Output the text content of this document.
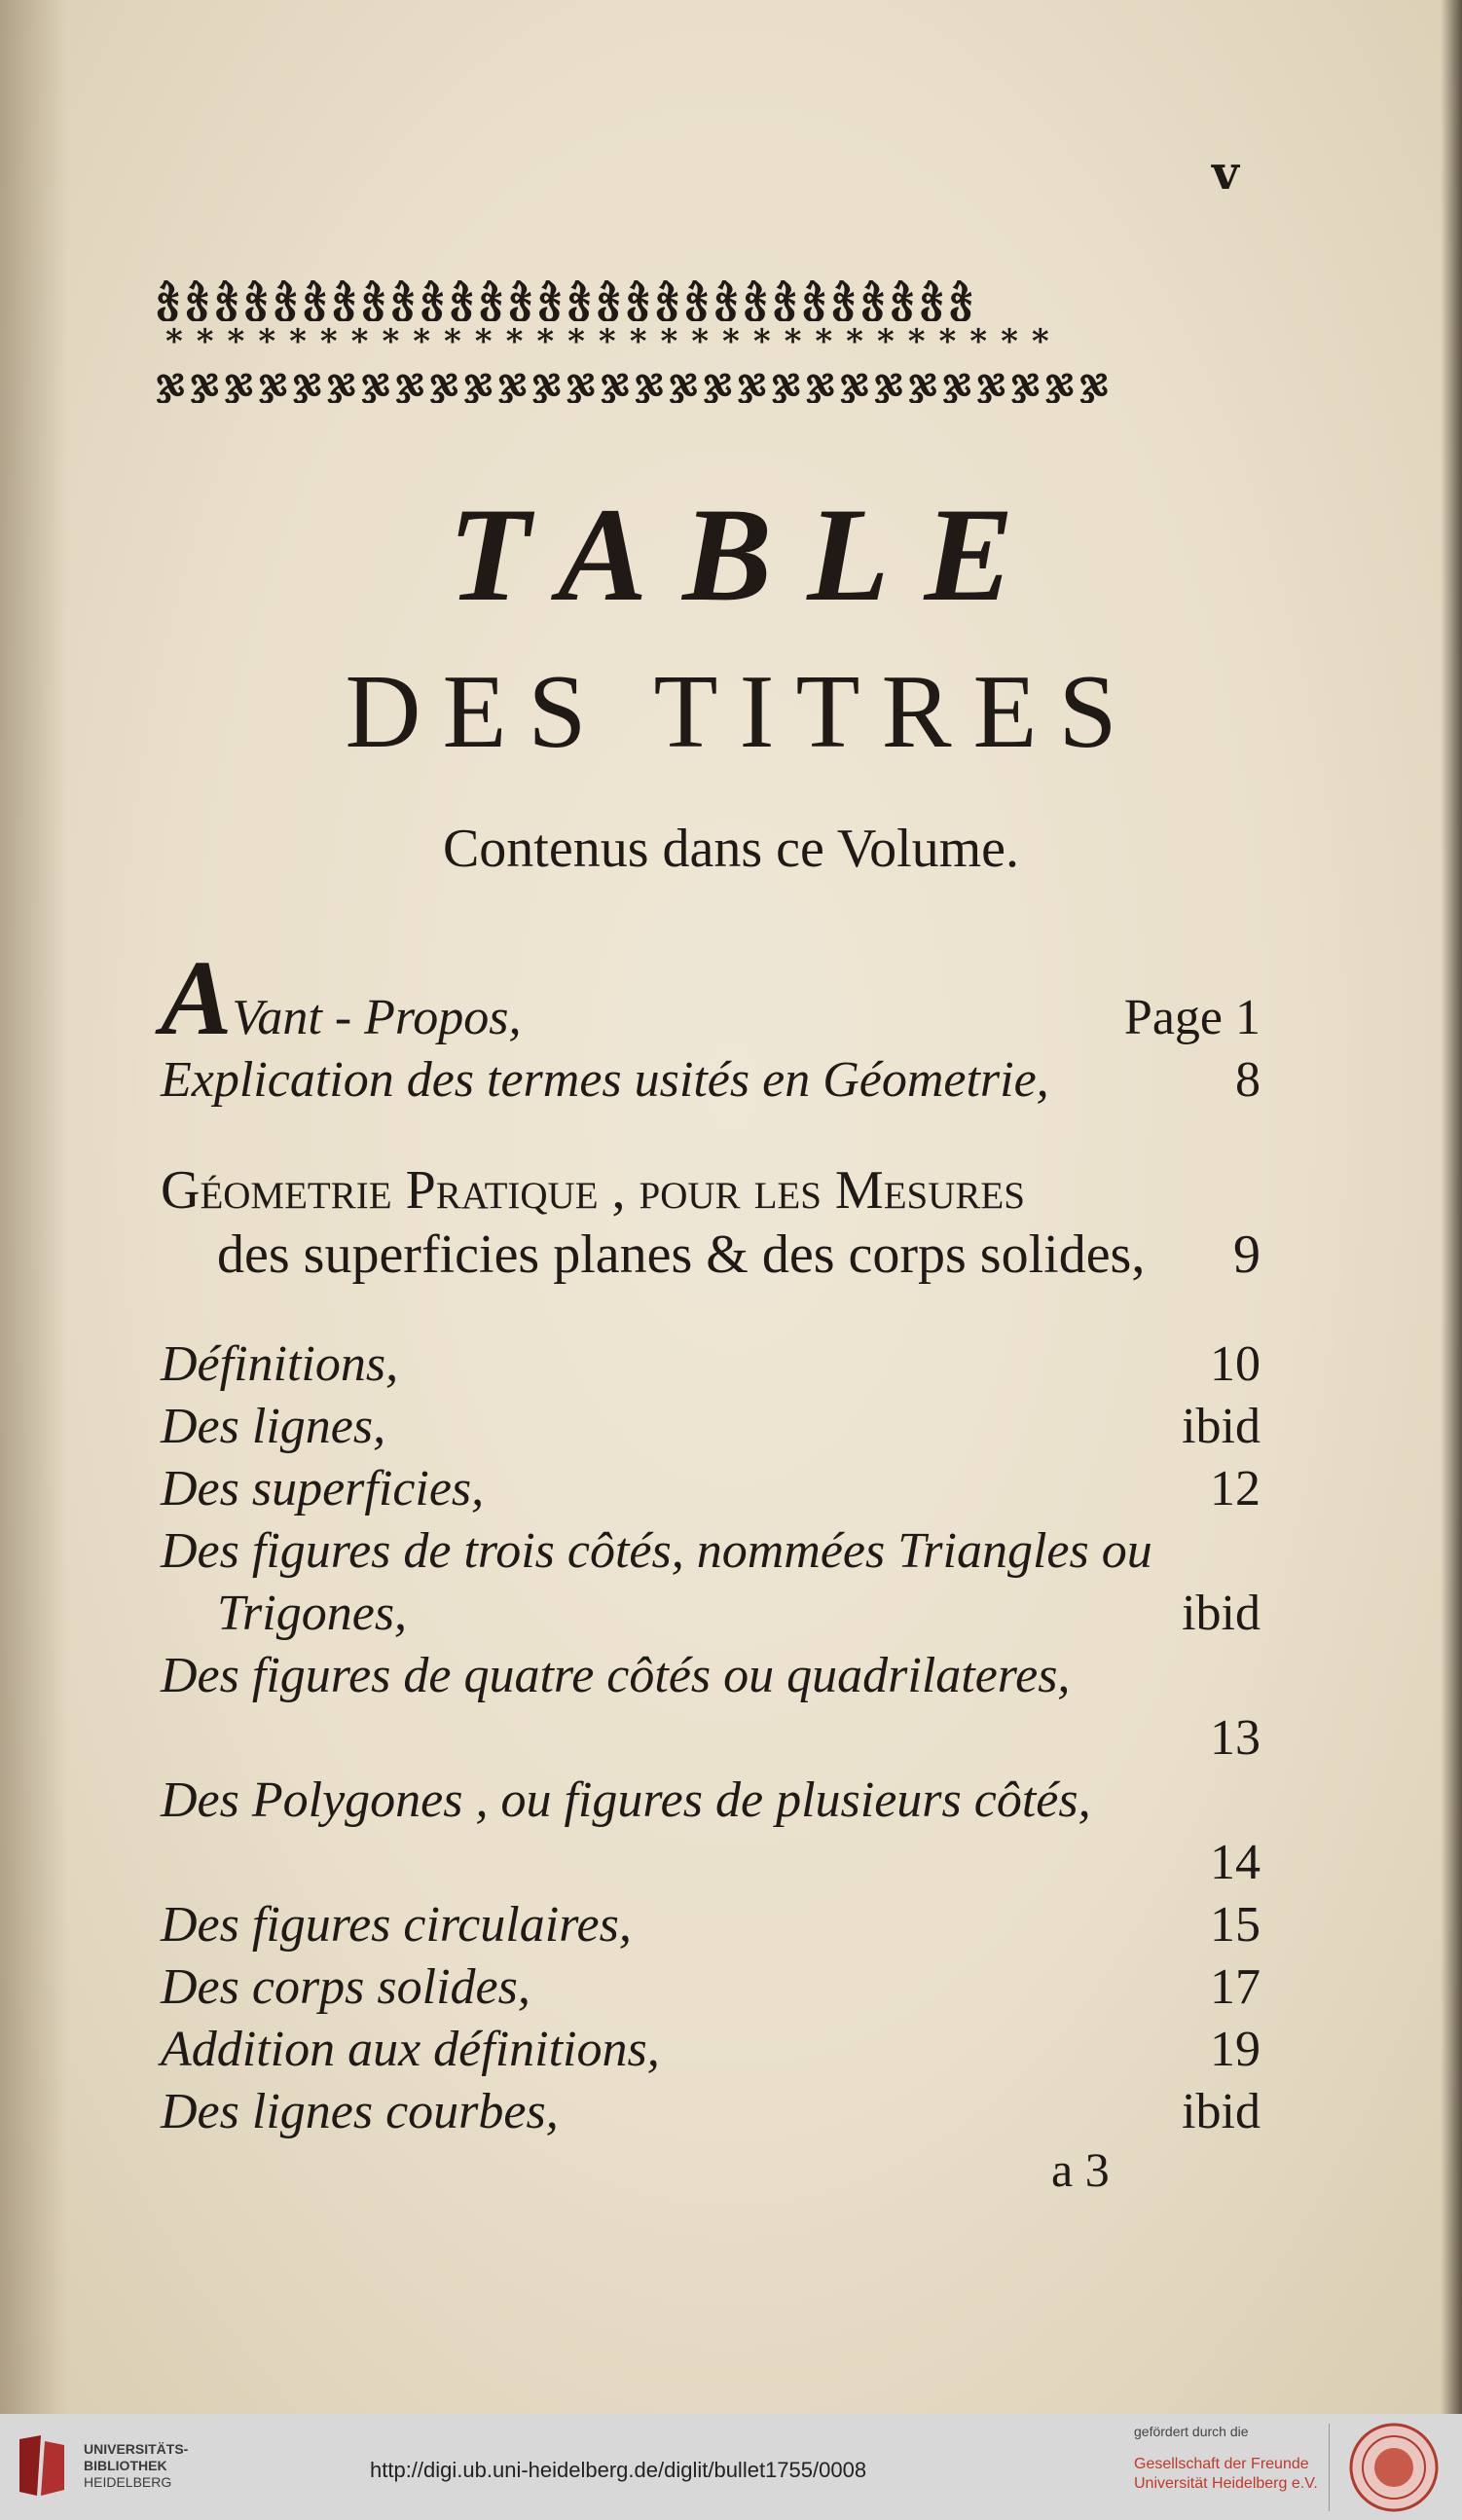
v
ჭჭჭჭჭჭჭჭჭჭჭჭჭჭჭჭჭჭჭჭჭჭჭჭჭჭჭჭ
*****************************
ჯჯჯჯჯჯჯჯჯჯჯჯჯჯჯჯჯჯჯჯჯჯჯჯჯჯჯჯ
TABLE
DES TITRES
Contenus dans ce Volume.
AVant - Propos,	Page 1
Explication des termes usités en Géometrie,	8
Géometrie Pratique , pour les Mesures
des superficies planes & des corps solides, 9
Définitions,	10
Des lignes,	ibid
Des superficies,	12
Des figures de trois côtés, nommées Triangles ou
Trigones,	ibid
Des figures de quatre côtés ou quadrilateres,
13
Des Polygones , ou figures de plusieurs côtés,
14
Des figures circulaires,	15
Des corps solides,	17
Addition aux définitions,	19
Des lignes courbes,	ibid
a 3
UNIVERSITÄTS-
BIBLIOTHEK
HEIDELBERG	http://digi.ub.uni-heidelberg.de/diglit/bullet1755/0008
gefördert durch die
Gesellschaft der Freunde
Universität Heidelberg e.V.
